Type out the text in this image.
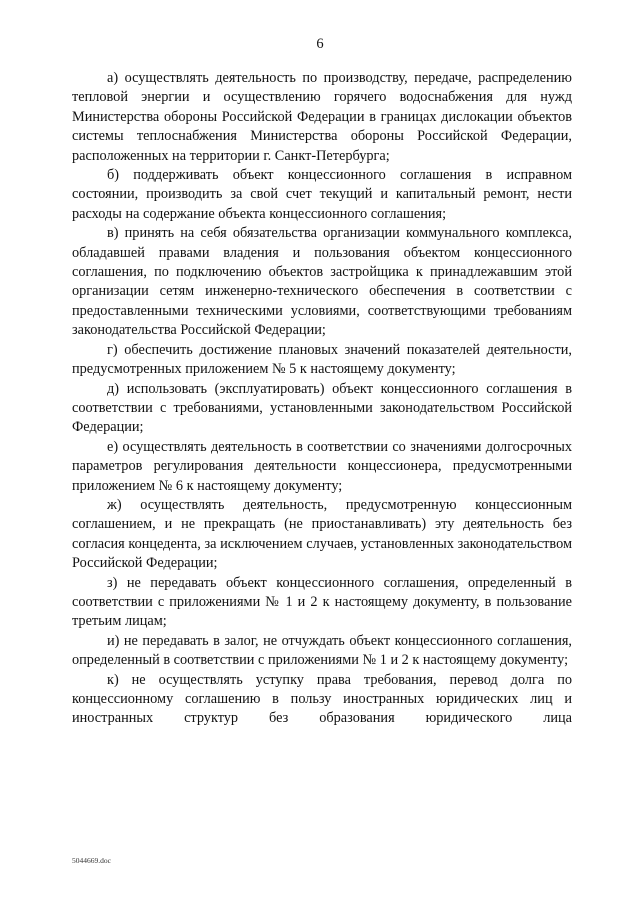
6

а) осуществлять деятельность по производству, передаче, распределению тепловой энергии и осуществлению горячего водоснабжения для нужд Министерства обороны Российской Федерации в границах дислокации объектов системы теплоснабжения Министерства обороны Российской Федерации, расположенных на территории г. Санкт-Петербурга;

б) поддерживать объект концессионного соглашения в исправном состоянии, производить за свой счет текущий и капитальный ремонт, нести расходы на содержание объекта концессионного соглашения;

в) принять на себя обязательства организации коммунального комплекса, обладавшей правами владения и пользования объектом концессионного соглашения, по подключению объектов застройщика к принадлежавшим этой организации сетям инженерно-технического обеспечения в соответствии с предоставленными техническими условиями, соответствующими требованиям законодательства Российской Федерации;

г) обеспечить достижение плановых значений показателей деятельности, предусмотренных приложением № 5 к настоящему документу;

д) использовать (эксплуатировать) объект концессионного соглашения в соответствии с требованиями, установленными законодательством Российской Федерации;

е) осуществлять деятельность в соответствии со значениями долгосрочных параметров регулирования деятельности концессионера, предусмотренными приложением № 6 к настоящему документу;

ж) осуществлять деятельность, предусмотренную концессионным соглашением, и не прекращать (не приостанавливать) эту деятельность без согласия концедента, за исключением случаев, установленных законодательством Российской Федерации;

з) не передавать объект концессионного соглашения, определенный в соответствии с приложениями № 1 и 2 к настоящему документу, в пользование третьим лицам;

и) не передавать в залог, не отчуждать объект концессионного соглашения, определенный в соответствии с приложениями № 1 и 2 к настоящему документу;

к) не осуществлять уступку права требования, перевод долга по концессионному соглашению в пользу иностранных юридических лиц и иностранных структур без образования юридического лица

5044669.doc
